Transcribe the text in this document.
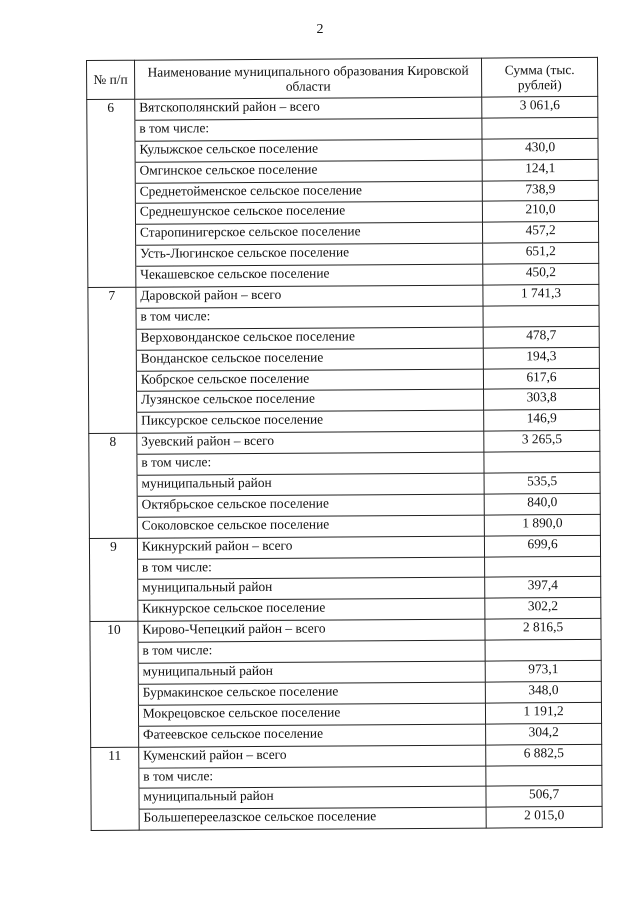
2
№ п/п	Наименование муниципального образования Кировской области	Сумма (тыс. рублей)
6	Вятскополянский район – всего	3 061,6
	в том числе:	
	Кулыжское сельское поселение	430,0
	Омгинское сельское поселение	124,1
	Среднетойменское сельское поселение	738,9
	Среднешунское сельское поселение	210,0
	Старопинигерское сельское поселение	457,2
	Усть-Люгинское сельское поселение	651,2
	Чекашевское сельское поселение	450,2
7	Даровской район – всего	1 741,3
	в том числе:	
	Верховонданское сельское поселение	478,7
	Вонданское сельское поселение	194,3
	Кобрское сельское поселение	617,6
	Лузянское сельское поселение	303,8
	Пиксурское сельское поселение	146,9
8	Зуевский район – всего	3 265,5
	в том числе:	
	муниципальный район	535,5
	Октябрьское сельское поселение	840,0
	Соколовское сельское поселение	1 890,0
9	Кикнурский район – всего	699,6
	в том числе:	
	муниципальный район	397,4
	Кикнурское сельское поселение	302,2
10	Кирово-Чепецкий район – всего	2 816,5
	в том числе:	
	муниципальный район	973,1
	Бурмакинское сельское поселение	348,0
	Мокрецовское сельское поселение	1 191,2
	Фатеевское сельское поселение	304,2
11	Куменский район – всего	6 882,5
	в том числе:	
	муниципальный район	506,7
	Большепереелазское сельское поселение	2 015,0
